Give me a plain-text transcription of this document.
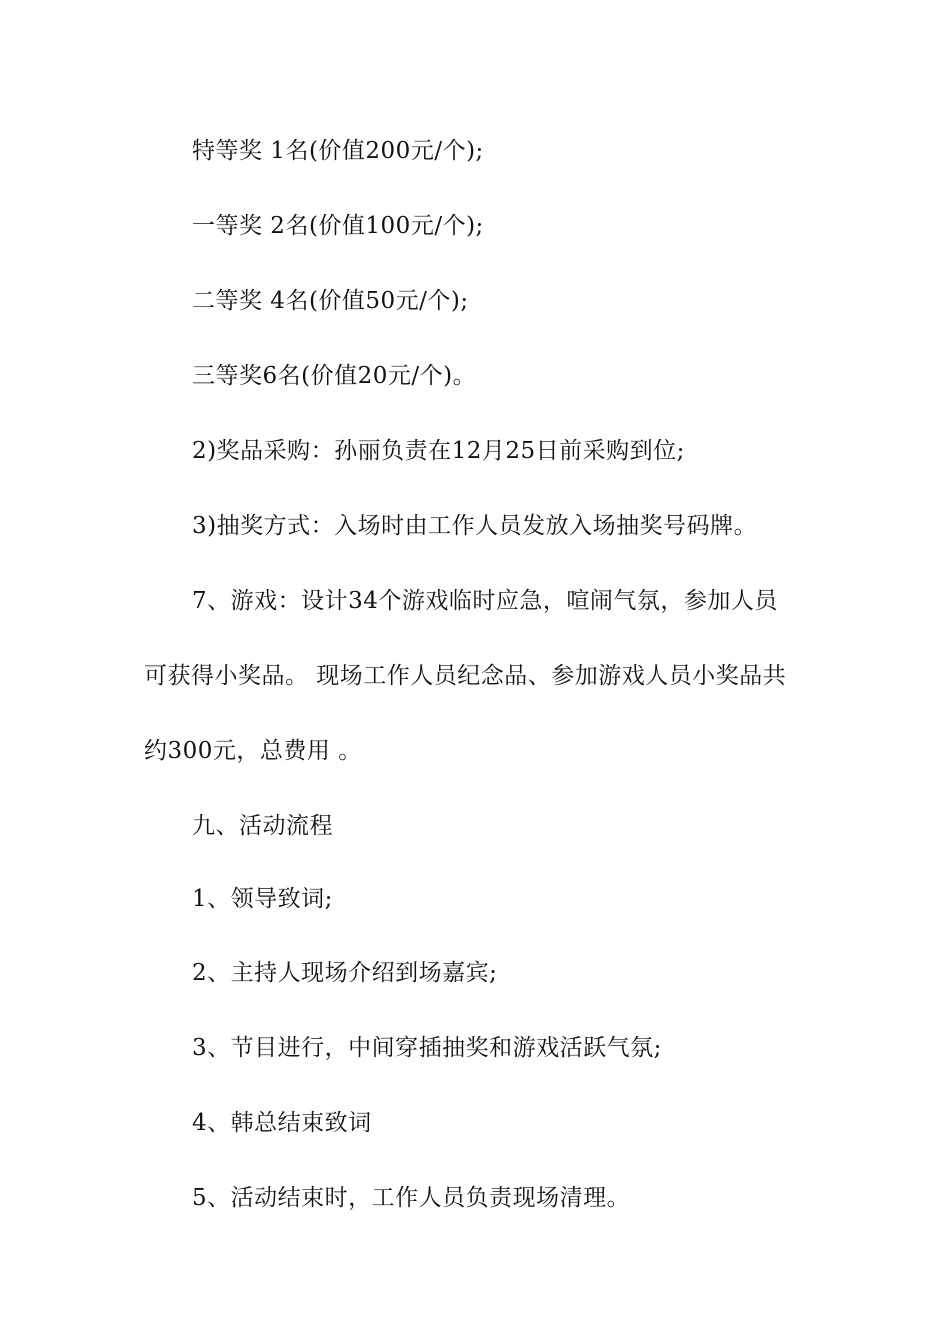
特等奖 1名(价值200元/个);
一等奖 2名(价值100元/个);
二等奖 4名(价值50元/个);
三等奖6名(价值20元/个)。
2)奖品采购：孙丽负责在12月25日前采购到位;
3)抽奖方式：入场时由工作人员发放入场抽奖号码牌。
7、游戏：设计34个游戏临时应急，喧闹气氛，参加人员
可获得小奖品。 现场工作人员纪念品、参加游戏人员小奖品共
约300元，总费用 。
九、活动流程
1、领导致词;
2、主持人现场介绍到场嘉宾;
3、节目进行，中间穿插抽奖和游戏活跃气氛;
4、韩总结束致词
5、活动结束时，工作人员负责现场清理。
